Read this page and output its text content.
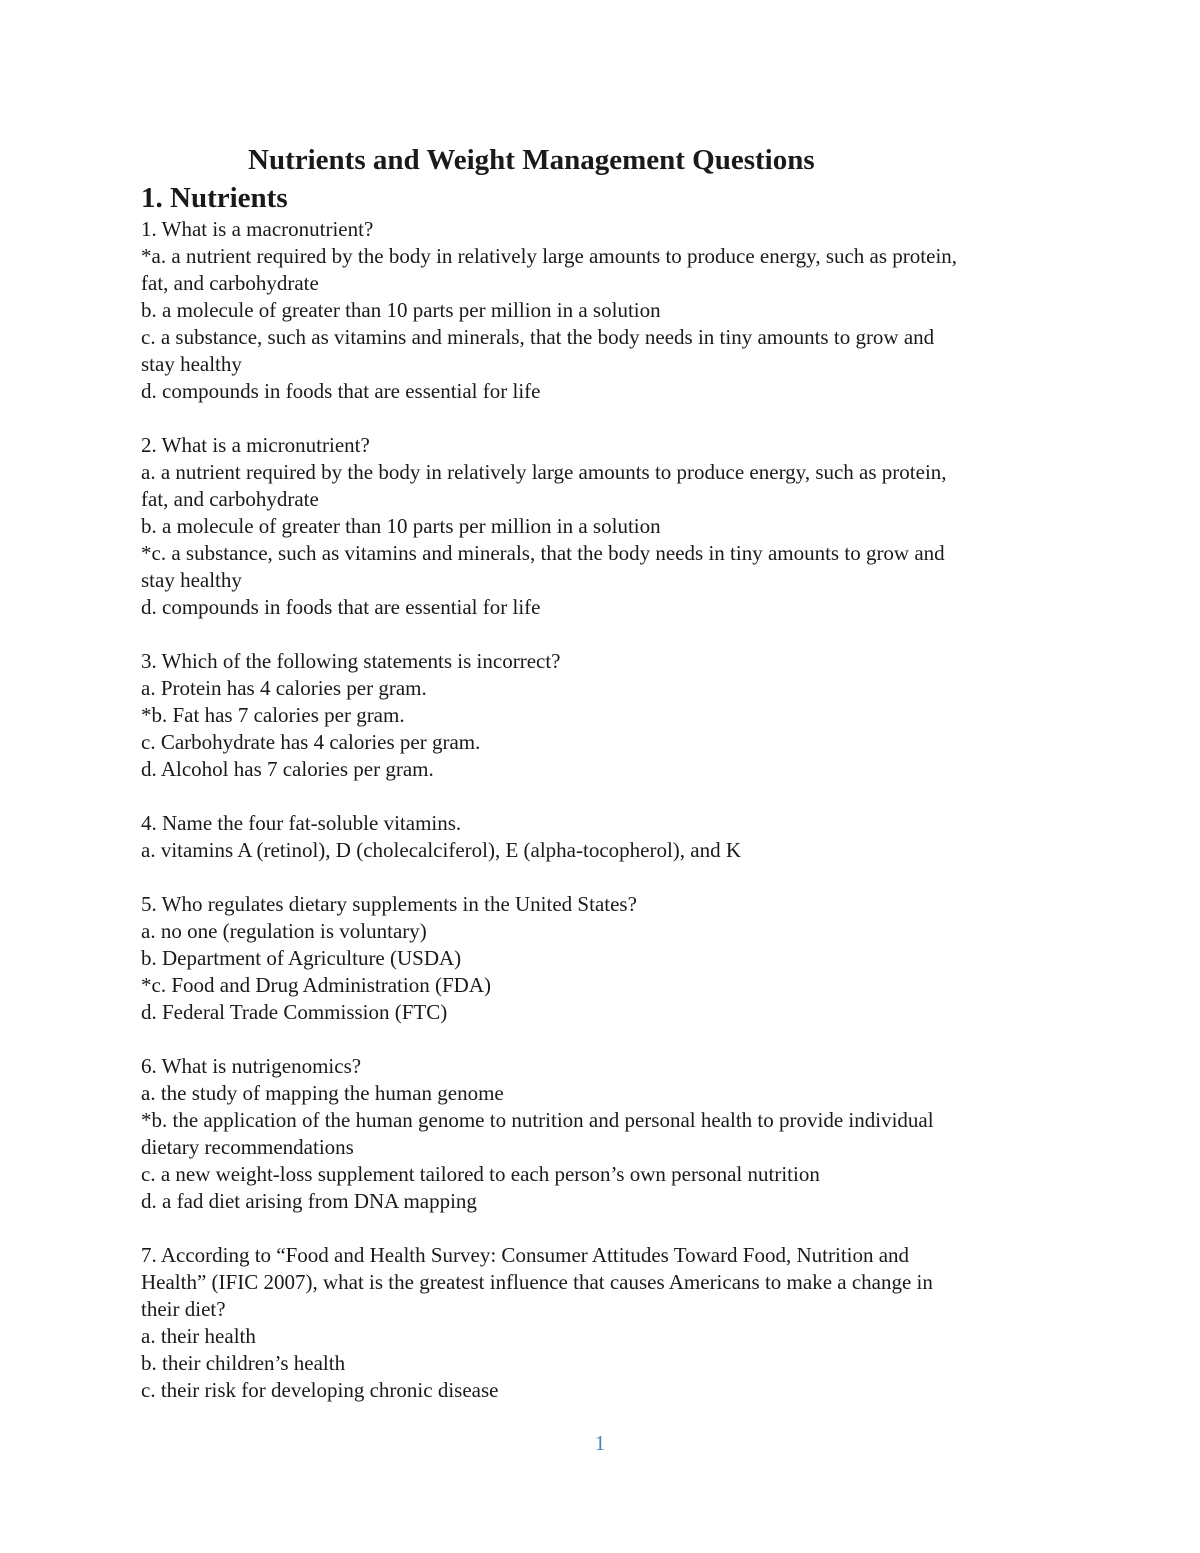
Nutrients and Weight Management Questions
1. Nutrients

1. What is a macronutrient?

*a. a nutrient required by the body in relatively large amounts to produce energy, such as protein,

fat, and carbohydrate

b. a molecule of greater than 10 parts per million in a solution

c. a substance, such as vitamins and minerals, that the body needs in tiny amounts to grow and

stay healthy

d. compounds in foods that are essential for life

2. What is a micronutrient?

a. a nutrient required by the body in relatively large amounts to produce energy, such as protein,

fat, and carbohydrate

b. a molecule of greater than 10 parts per million in a solution

*c. a substance, such as vitamins and minerals, that the body needs in tiny amounts to grow and

stay healthy

d. compounds in foods that are essential for life

3. Which of the following statements is incorrect?

a. Protein has 4 calories per gram.

*b. Fat has 7 calories per gram.

c. Carbohydrate has 4 calories per gram.

d. Alcohol has 7 calories per gram.

4. Name the four fat-soluble vitamins.

a. vitamins A (retinol), D (cholecalciferol), E (alpha-tocopherol), and K

5. Who regulates dietary supplements in the United States?

a. no one (regulation is voluntary)

b. Department of Agriculture (USDA)

*c. Food and Drug Administration (FDA)

d. Federal Trade Commission (FTC)

6. What is nutrigenomics?

a. the study of mapping the human genome

*b. the application of the human genome to nutrition and personal health to provide individual

dietary recommendations

c. a new weight-loss supplement tailored to each person’s own personal nutrition

d. a fad diet arising from DNA mapping

7. According to “Food and Health Survey: Consumer Attitudes Toward Food, Nutrition and

Health” (IFIC 2007), what is the greatest influence that causes Americans to make a change in

their diet?

a. their health

b. their children’s health

c. their risk for developing chronic disease

1
